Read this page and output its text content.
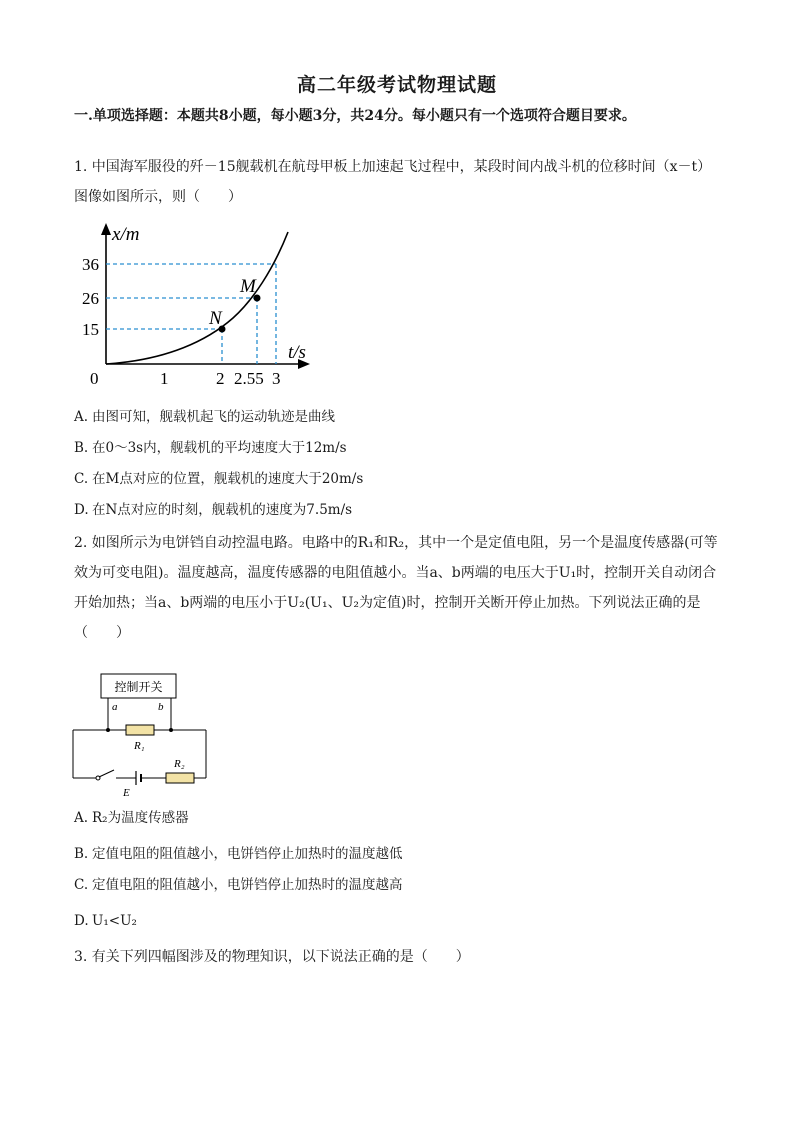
高二年级考试物理试题
一.单项选择题：本题共8小题，每小题3分，共24分。每小题只有一个选项符合题目要求。
1. 中国海军服役的歼－15舰载机在航母甲板上加速起飞过程中，某段时间内战斗机的位移时间（x－t）图像如图所示，则（　　）
x/m
t/s
0
36
26
15
1	2 2.55 3
N
M
A. 由图可知，舰载机起飞的运动轨迹是曲线
B. 在0～3s内，舰载机的平均速度大于12m/s
C. 在M点对应的位置，舰载机的速度大于20m/s
D. 在N点对应的时刻，舰载机的速度为7.5m/s
2. 如图所示为电饼铛自动控温电路。电路中的R₁和R₂，其中一个是定值电阻，另一个是温度传感器(可等
效为可变电阻)。温度越高，温度传感器的电阻值越小。当a、b两端的电压大于U₁时，控制开关自动闭合
开始加热；当a、b两端的电压小于U₂(U₁、U₂为定值)时，控制开关断开停止加热。下列说法正确的是
（　　）
控制开关
a	b
R₁
R₂
E
A. R₂为温度传感器
B. 定值电阻的阻值越小，电饼铛停止加热时的温度越低
C. 定值电阻的阻值越小，电饼铛停止加热时的温度越高
D. U₁<U₂
3. 有关下列四幅图涉及的物理知识，以下说法正确的是（　　）
